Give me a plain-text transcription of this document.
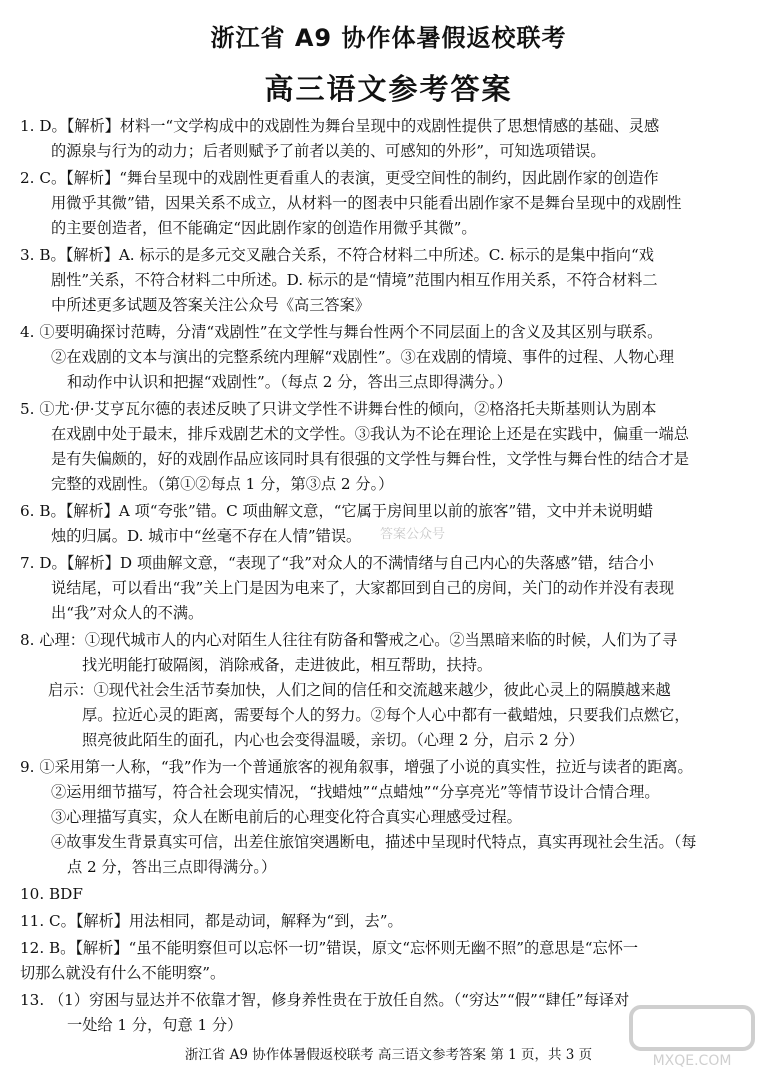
浙江省 A9 协作体暑假返校联考
高三语文参考答案
1. D。【解析】材料一“文学构成中的戏剧性为舞台呈现中的戏剧性提供了思想情感的基础、灵感
的源泉与行为的动力；后者则赋予了前者以美的、可感知的外形”，可知选项错误。
2. C。【解析】“舞台呈现中的戏剧性更看重人的表演，更受空间性的制约，因此剧作家的创造作
用微乎其微”错，因果关系不成立，从材料一的图表中只能看出剧作家不是舞台呈现中的戏剧性
的主要创造者，但不能确定“因此剧作家的创造作用微乎其微”。
3. B。【解析】A. 标示的是多元交叉融合关系，不符合材料二中所述。C. 标示的是集中指向“戏
剧性”关系，不符合材料二中所述。D. 标示的是“情境”范围内相互作用关系，不符合材料二
中所述更多试题及答案关注公众号《高三答案》
4. ①要明确探讨范畴，分清“戏剧性”在文学性与舞台性两个不同层面上的含义及其区别与联系。
②在戏剧的文本与演出的完整系统内理解“戏剧性”。③在戏剧的情境、事件的过程、人物心理
和动作中认识和把握“戏剧性”。（每点 2 分，答出三点即得满分。）
5. ①尤·伊·艾亨瓦尔德的表述反映了只讲文学性不讲舞台性的倾向，②格洛托夫斯基则认为剧本
在戏剧中处于最末，排斥戏剧艺术的文学性。③我认为不论在理论上还是在实践中，偏重一端总
是有失偏颇的，好的戏剧作品应该同时具有很强的文学性与舞台性，文学性与舞台性的结合才是
完整的戏剧性。（第①②每点 1 分，第③点 2 分。）
6. B。【解析】A 项“夸张”错。C 项曲解文意，“它属于房间里以前的旅客”错，文中并未说明蜡
烛的归属。D. 城市中“丝毫不存在人情”错误。
7. D。【解析】D 项曲解文意，“表现了“我”对众人的不满情绪与自己内心的失落感”错，结合小
说结尾，可以看出“我”关上门是因为电来了，大家都回到自己的房间，关门的动作并没有表现
出“我”对众人的不满。
8. 心理：①现代城市人的内心对陌生人往往有防备和警戒之心。②当黑暗来临的时候，人们为了寻
找光明能打破隔阂，消除戒备，走进彼此，相互帮助，扶持。
启示：①现代社会生活节奏加快，人们之间的信任和交流越来越少，彼此心灵上的隔膜越来越
厚。拉近心灵的距离，需要每个人的努力。②每个人心中都有一截蜡烛，只要我们点燃它，
照亮彼此陌生的面孔，内心也会变得温暖，亲切。（心理 2 分，启示 2 分）
9. ①采用第一人称，“我”作为一个普通旅客的视角叙事，增强了小说的真实性，拉近与读者的距离。
②运用细节描写，符合社会现实情况，“找蜡烛”“点蜡烛”“分享亮光”等情节设计合情合理。
③心理描写真实，众人在断电前后的心理变化符合真实心理感受过程。
④故事发生背景真实可信，出差住旅馆突遇断电，描述中呈现时代特点，真实再现社会生活。（每
点 2 分，答出三点即得满分。）
10. BDF
11. C。【解析】用法相同，都是动词，解释为“到，去”。
12. B。【解析】“虽不能明察但可以忘怀一切”错误，原文“忘怀则无幽不照”的意思是“忘怀一
切那么就没有什么不能明察”。
13. （1）穷困与显达并不依靠才智，修身养性贵在于放任自然。（“穷达”“假”“肆任”每译对
一处给 1 分，句意 1 分）
答案公众号
MXQE.COM
浙江省 A9 协作体暑假返校联考 高三语文参考答案 第 1 页，共 3 页
